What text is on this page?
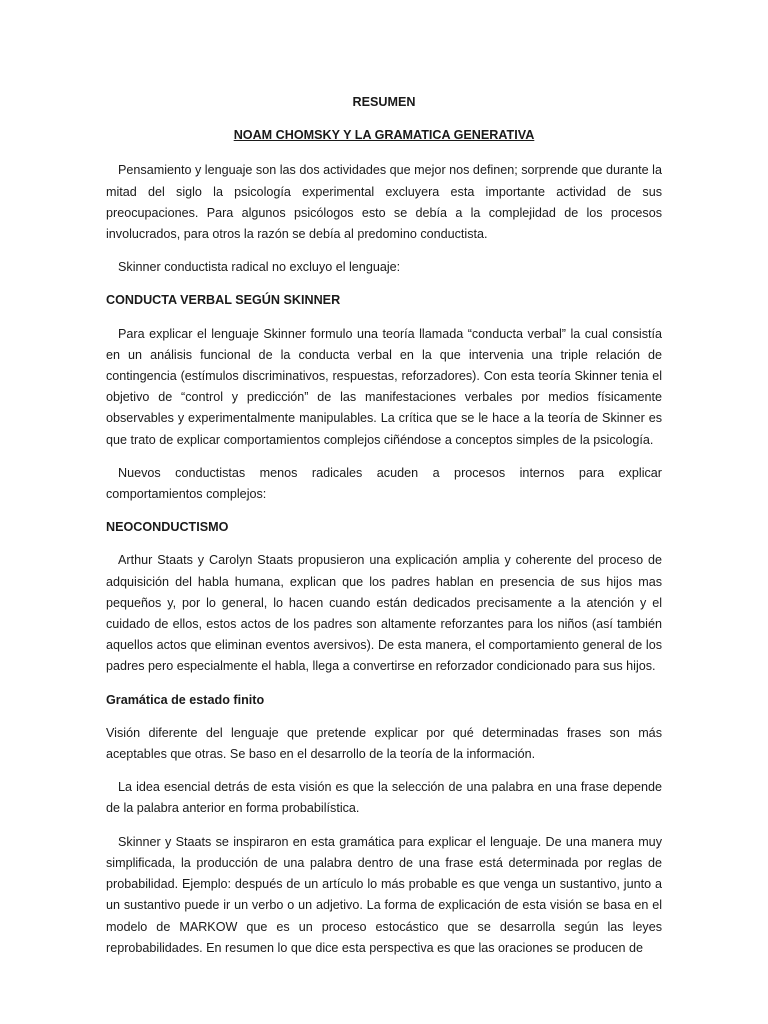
RESUMEN
NOAM CHOMSKY Y LA GRAMATICA GENERATIVA

Pensamiento y lenguaje son las dos actividades que mejor nos definen; sorprende que durante la mitad del siglo la psicología experimental excluyera esta importante actividad de sus preocupaciones. Para algunos psicólogos esto se debía a la complejidad de los procesos involucrados, para otros la razón se debía al predomino conductista.

Skinner conductista radical no excluyo el lenguaje:

CONDUCTA VERBAL SEGÚN SKINNER

Para explicar el lenguaje Skinner formulo una teoría llamada “conducta verbal” la cual consistía en un análisis funcional de la conducta verbal en la que intervenia una triple relación de contingencia (estímulos discriminativos, respuestas, reforzadores). Con esta teoría Skinner tenia el objetivo de “control y predicción” de las manifestaciones verbales por medios físicamente observables y experimentalmente manipulables. La crítica que se le hace a la teoría de Skinner es que trato de explicar comportamientos complejos ciñéndose a conceptos simples de la psicología.

Nuevos conductistas menos radicales acuden a procesos internos para explicar comportamientos complejos:

NEOCONDUCTISMO

Arthur Staats y Carolyn Staats propusieron una explicación amplia y coherente del proceso de adquisición del habla humana, explican que los padres hablan en presencia de sus hijos mas pequeños y, por lo general, lo hacen cuando están dedicados precisamente a la atención y el cuidado de ellos, estos actos de los padres son altamente reforzantes para los niños (así también aquellos actos que eliminan eventos aversivos). De esta manera, el comportamiento general de los padres pero especialmente el habla, llega a convertirse en reforzador condicionado para sus hijos.

Gramática de estado finito

Visión diferente del lenguaje que pretende explicar por qué determinadas frases son más aceptables que otras. Se baso en el desarrollo de la teoría de la información.

La idea esencial detrás de esta visión es que la selección de una palabra en una frase depende de la palabra anterior en forma probabilística.

Skinner y Staats se inspiraron en esta gramática para explicar el lenguaje. De una manera muy simplificada, la producción de una palabra dentro de una frase está determinada por reglas de probabilidad. Ejemplo: después de un artículo lo más probable es que venga un sustantivo, junto a un sustantivo puede ir un verbo o un adjetivo. La forma de explicación de esta visión se basa en el modelo de MARKOW que es un proceso estocástico que se desarrolla según las leyes reprobabilidades. En resumen lo que dice esta perspectiva es que las oraciones se producen de
